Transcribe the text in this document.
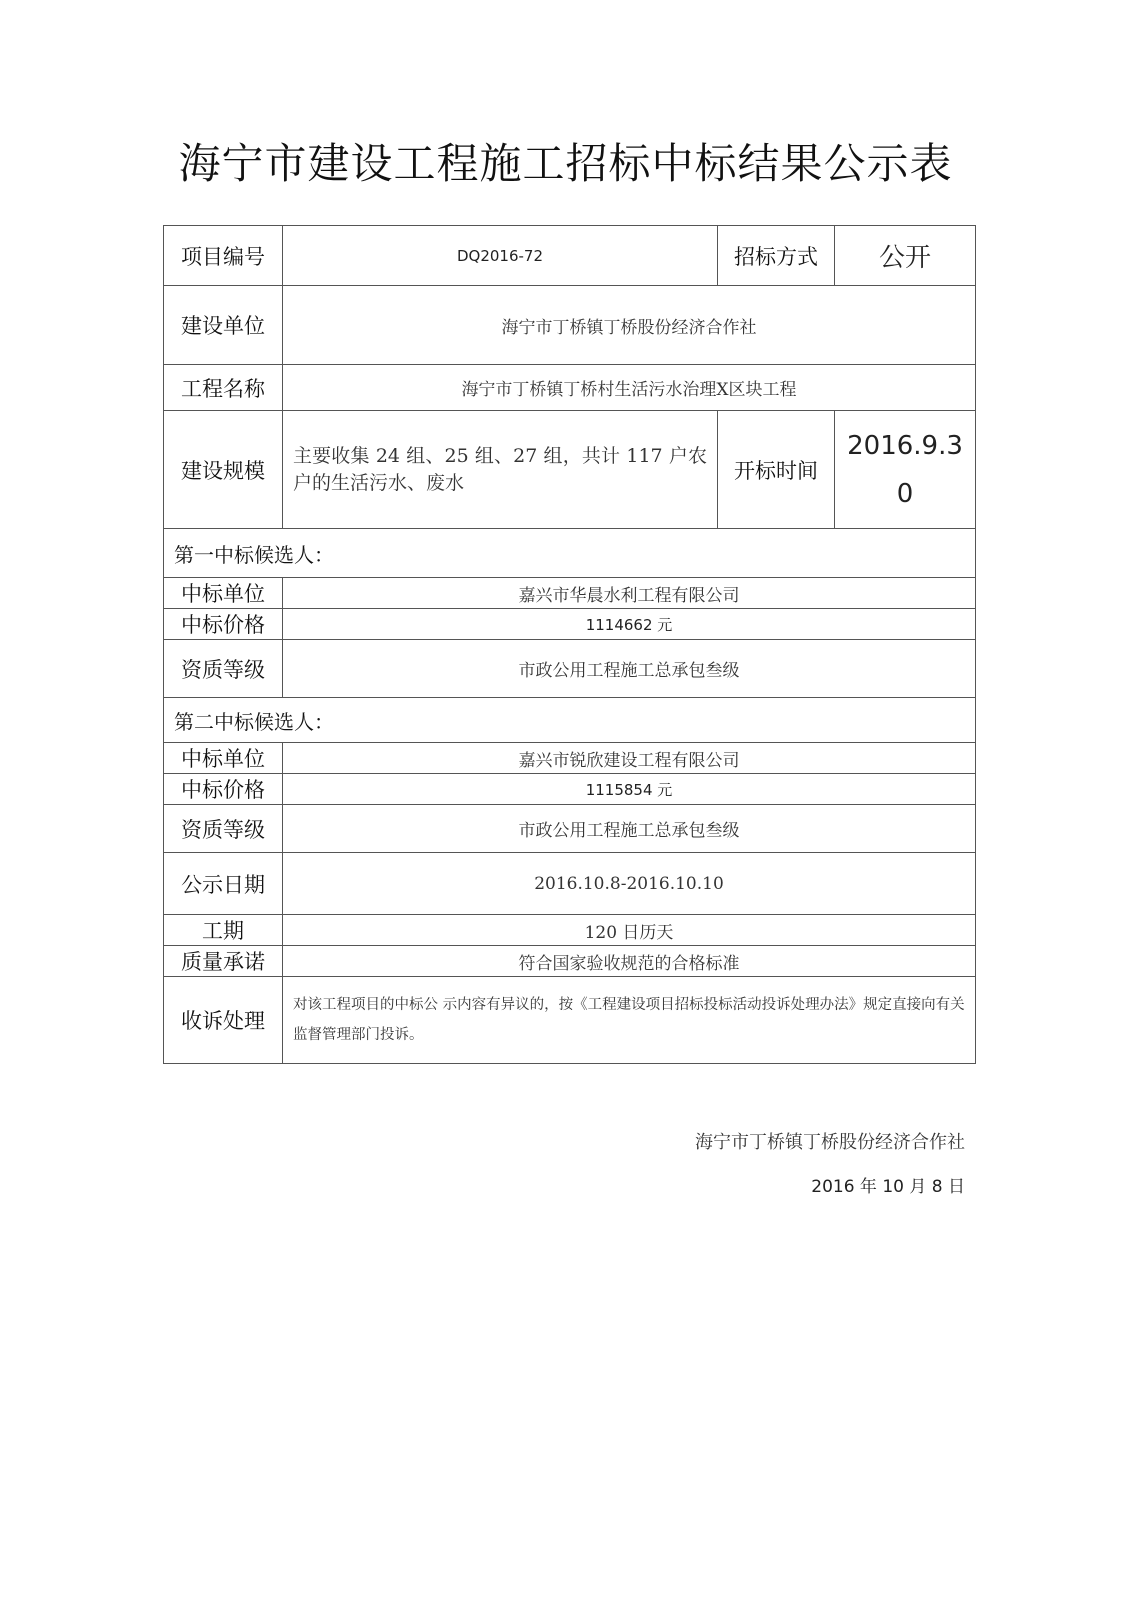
海宁市建设工程施工招标中标结果公示表
项目编号	DQ2016-72	招标方式	公开
建设单位	海宁市丁桥镇丁桥股份经济合作社		
工程名称	海宁市丁桥镇丁桥村生活污水治理X区块工程		
建设规模	主要收集 24 组、25 组、27 组，共计 117 户农户的生活污水、废水	开标时间	2016.9.30
第一中标候选人：			
中标单位	嘉兴市华晨水利工程有限公司		
中标价格	1114662 元		
资质等级	市政公用工程施工总承包叁级		
第二中标候选人：			
中标单位	嘉兴市锐欣建设工程有限公司		
中标价格	1115854 元		
资质等级	市政公用工程施工总承包叁级		
公示日期	2016.10.8-2016.10.10		
工期	120 日历天		
质量承诺	符合国家验收规范的合格标准		
收诉处理	对该工程项目的中标公 示内容有异议的，按《工程建设项目招标投标活动投诉处理办法》规定直接向有关监督管理部门投诉。		
海宁市丁桥镇丁桥股份经济合作社
2016 年 10 月 8 日
